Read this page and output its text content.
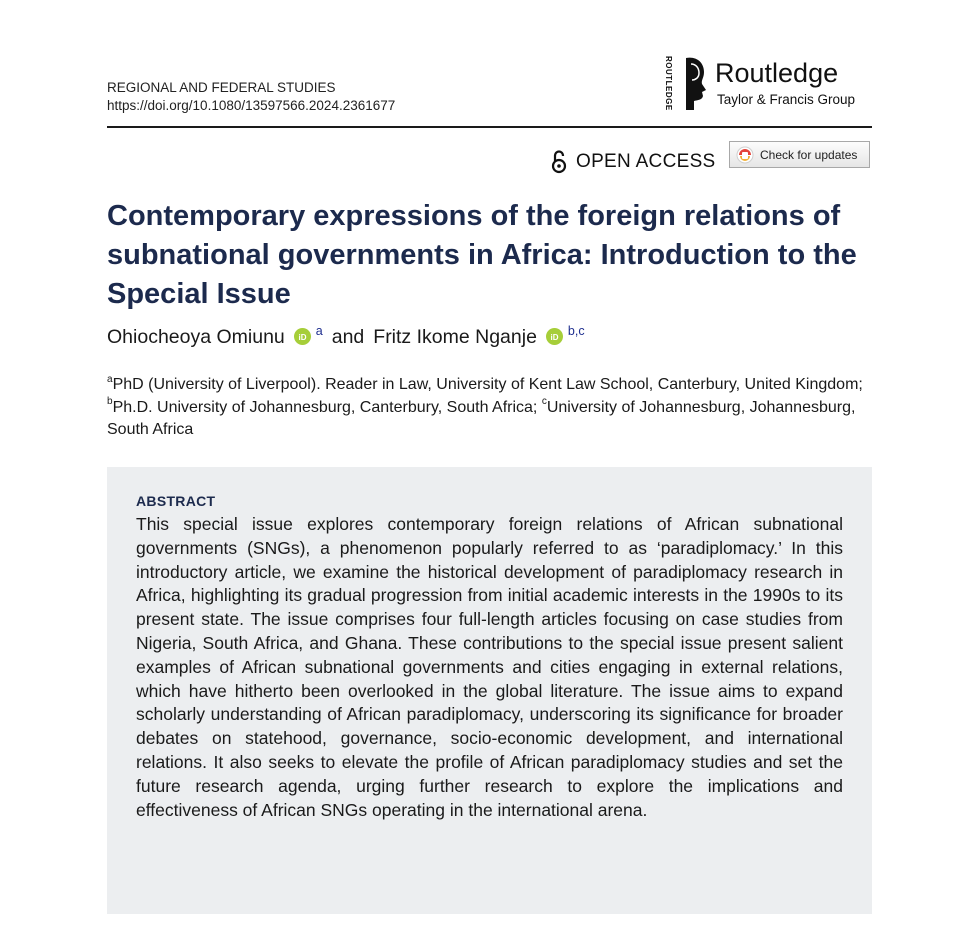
REGIONAL AND FEDERAL STUDIES
https://doi.org/10.1080/13597566.2024.2361677	ROUTLEDGE Routledge
Taylor & Francis Group
OPEN ACCESS	Check for updates
Contemporary expressions of the foreign relations of subnational governments in Africa: Introduction to the Special Issue
Ohiocheoya Omiunu iD a and Fritz Ikome Nganje iD b,c
$^a$PhD (University of Liverpool). Reader in Law, University of Kent Law School, Canterbury, United Kingdom; $^b$Ph.D. University of Johannesburg, Canterbury, South Africa; $^c$University of Johannesburg, Johannesburg, South Africa
ABSTRACT

This special issue explores contemporary foreign relations of African subnational governments (SNGs), a phenomenon popularly referred to as ‘paradiplomacy.’ In this introductory article, we examine the historical development of paradiplomacy research in Africa, highlighting its gradual progression from initial academic interests in the 1990s to its present state. The issue comprises four full-length articles focusing on case studies from Nigeria, South Africa, and Ghana. These contributions to the special issue present salient examples of African subnational governments and cities engaging in external relations, which have hitherto been overlooked in the global literature. The issue aims to expand scholarly understanding of African paradiplomacy, underscoring its significance for broader debates on statehood, governance, socio-economic development, and international relations. It also seeks to elevate the profile of African paradiplomacy studies and set the future research agenda, urging further research to explore the implications and effectiveness of African SNGs operating in the international arena.
